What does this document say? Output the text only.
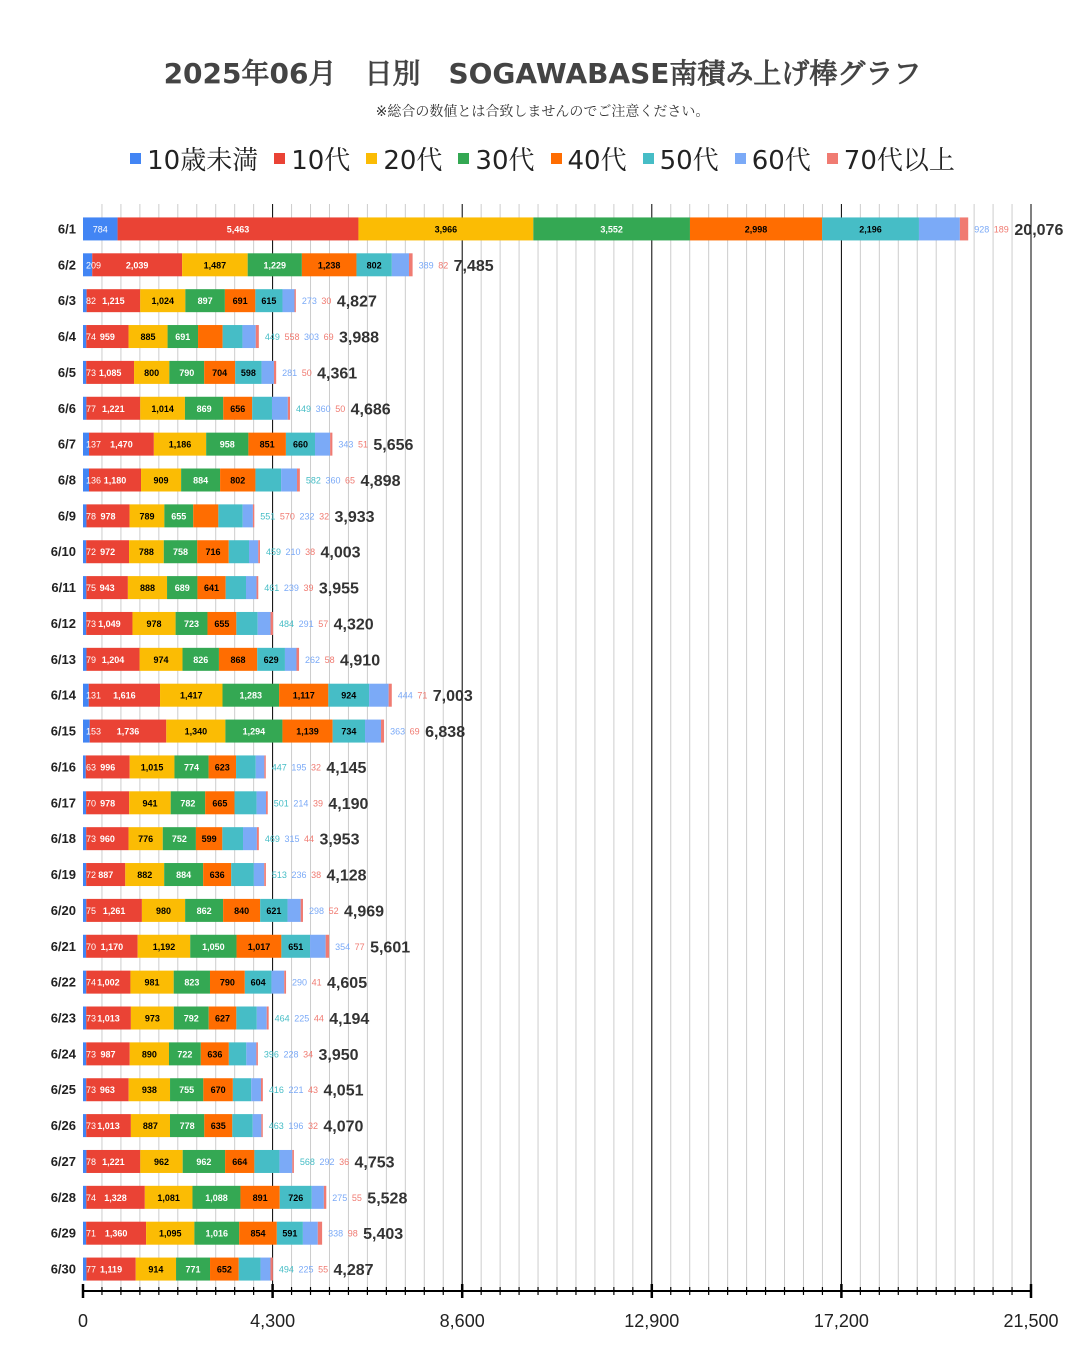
2025年06月　日別　SOGAWABASE南積み上げ棒グラフ
※総合の数値とは合致しませんのでご注意ください。
10歳未満 10代 20代 30代 40代 50代 60代 70代以上
6/1 784	5,463	3,966	3,552	2,998	2,196	928 189 20,076
6/2 209	2,039	1,487	1,229	1,238	802	389 82 7,485
6/3 82 1,215	1,024	897 691 615	273 30 4,827
6/4 74 959	885 691	449 558 303 69 3,988
6/5 73 1,085	800 790 704 598	281 50 4,361
6/6 77 1,221	1,014	869 656	449 360 50 4,686
6/7 137 1,470	1,186	958	851 660	343 51 5,656
6/8 136 1,180	909	884 802	582 360 65 4,898
6/9 78 978	789 655	551 570 232 32 3,933
6/10 72 972	788 758 716	459 210 38 4,003
6/11 75 943	888 689 641	461 239 39 3,955
6/12 73 1,049	978 723 655	484 291 57 4,320
6/13 79 1,204	974	826 868 629	262 58 4,910
6/14 131 1,616	1,417	1,283	1,117	924	444 71 7,003
6/15 153 1,736	1,340	1,294	1,139	734	363 69 6,838
6/16 63 996	1,015 774 623	447 195 32 4,145
6/17 70 978	941	782 665	501 214 39 4,190
6/18 73 960	776 752 599	469 315 44 3,953
6/19 72 887	882	884 636	513 236 38 4,128
6/20 75 1,261	980	862 840 621	298 52 4,969
6/21 70 1,170	1,192	1,050	1,017 651	354 77 5,601
6/22 74 1,002	981	823 790 604	290 41 4,605
6/23 73 1,013	973	792 627	464 225 44 4,194
6/24 73 987	890 722 636	396 228 34 3,950
6/25 73 963	938 755 670	416 221 43 4,051
6/26 73 1,013	887 778 635	463 196 32 4,070
6/27 78 1,221	962	962 664	568 292 36 4,753
6/28 74 1,328	1,081	1,088	891 726	275 55 5,528
6/29 71 1,360	1,095	1,016 854 591	338 98 5,403
6/30 77 1,119	914 771 652	494 225 55 4,287
0	4,300	8,600	12,900	17,200	21,500
